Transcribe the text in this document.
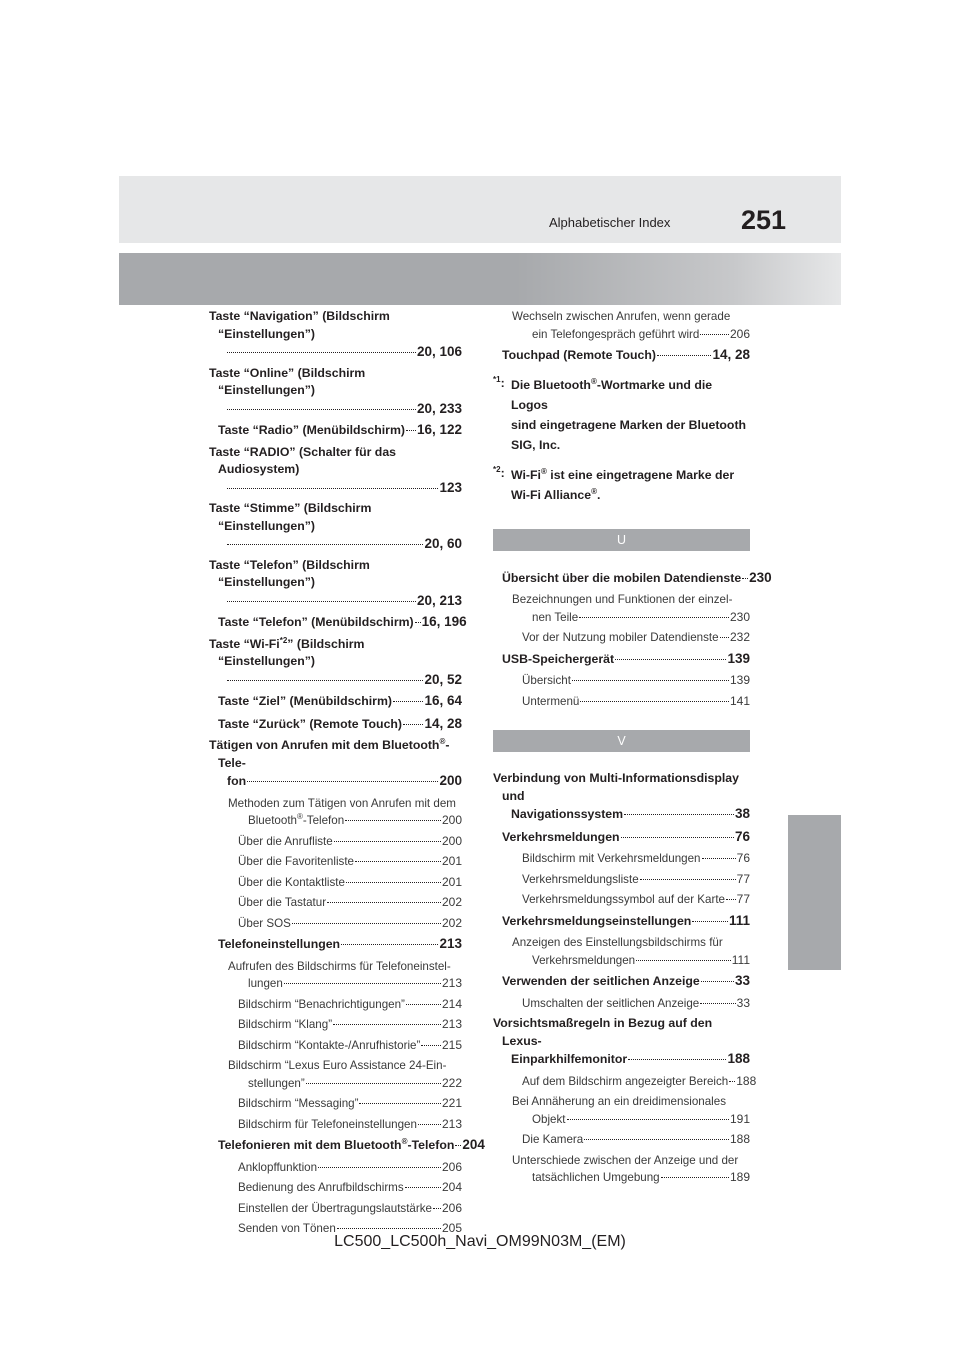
Alphabetischer Index	251
Taste “Navigation” (Bildschirm “Einstellungen”)
20, 106
Taste “Online” (Bildschirm “Einstellungen”)
20, 233
Taste “Radio” (Menübildschirm) 16, 122
Taste “RADIO” (Schalter für das Audiosystem)
123
Taste “Stimme” (Bildschirm “Einstellungen”)
20, 60
Taste “Telefon” (Bildschirm “Einstellungen”)
20, 213
Taste “Telefon” (Menübildschirm) 16, 196
Taste “Wi-Fi$^{*2}$” (Bildschirm “Einstellungen”)
20, 52
Taste “Ziel” (Menübildschirm) 16, 64
Taste “Zurück” (Remote Touch) 14, 28
Tätigen von Anrufen mit dem Bluetooth®-Tele-
fon	200
Methoden zum Tätigen von Anrufen mit dem
Bluetooth®-Telefon	200
Über die Anrufliste	200
Über die Favoritenliste	201
Über die Kontaktliste	201
Über die Tastatur	202
Über SOS	202
Telefoneinstellungen	213
Aufrufen des Bildschirms für Telefoneinstel-
lungen	213
Bildschirm “Benachrichtigungen”	214
Bildschirm “Klang”	213
Bildschirm “Kontakte-/Anrufhistorie” 215
Bildschirm “Lexus Euro Assistance 24-Ein-
stellungen”	222
Bildschirm “Messaging”	221
Bildschirm für Telefoneinstellungen 213
Telefonieren mit dem Bluetooth®-Telefon 204
Anklopffunktion	206
Bedienung des Anrufbildschirms	204
Einstellen der Übertragungslautstärke 206
Senden von Tönen	205
Wechseln zwischen Anrufen, wenn gerade
ein Telefongespräch geführt wird	206
Touchpad (Remote Touch)	14, 28
$^{*1}$: Die Bluetooth®-Wortmarke und die Logos
sind eingetragene Marken der Bluetooth
SIG, Inc.
$^{*2}$: Wi-Fi® ist eine eingetragene Marke der
Wi-Fi Alliance®.
U
Übersicht über die mobilen Datendienste 230
Bezeichnungen und Funktionen der einzel-
nen Teile	230
Vor der Nutzung mobiler Datendienste 232
USB-Speichergerät	139
Übersicht	139
Untermenü	141
V
Verbindung von Multi-Informationsdisplay und
Navigationssystem	38
Verkehrsmeldungen	76
Bildschirm mit Verkehrsmeldungen	76
Verkehrsmeldungsliste	77
Verkehrsmeldungssymbol auf der Karte 77
Verkehrsmeldungseinstellungen	111
Anzeigen des Einstellungsbildschirms für
Verkehrsmeldungen	111
Verwenden der seitlichen Anzeige	33
Umschalten der seitlichen Anzeige	33
Vorsichtsmaßregeln in Bezug auf den Lexus-
Einparkhilfemonitor	188
Auf dem Bildschirm angezeigter Bereich 188
Bei Annäherung an ein dreidimensionales
Objekt	191
Die Kamera	188
Unterschiede zwischen der Anzeige und der
tatsächlichen Umgebung	189
LC500_LC500h_Navi_OM99N03M_(EM)
